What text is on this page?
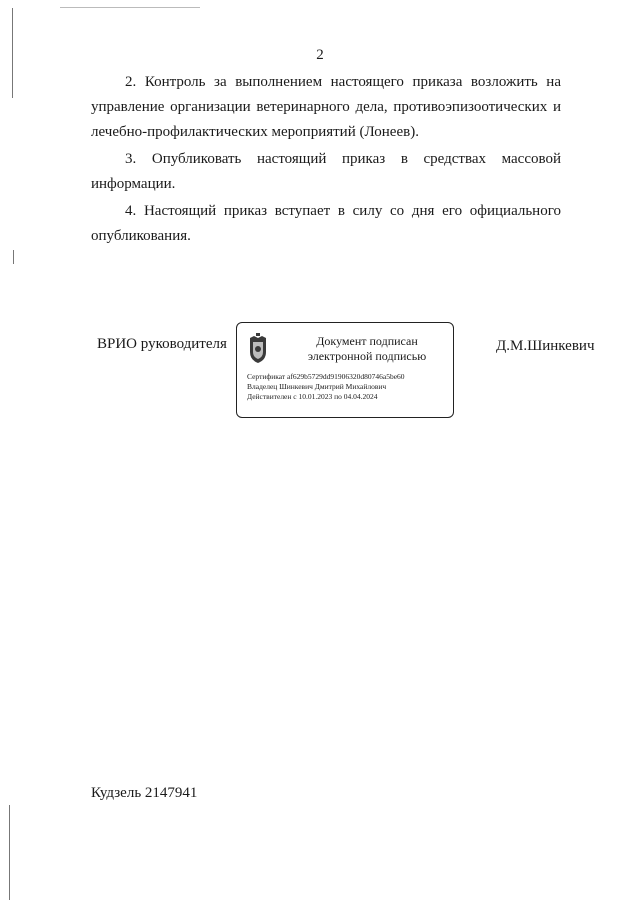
2

2. Контроль за выполнением настоящего приказа возложить на управление организации ветеринарного дела, противоэпизоотических и лечебно-профилактических мероприятий (Лонеев).

3. Опубликовать настоящий приказ в средствах массовой информации.

4. Настоящий приказ вступает в силу со дня его официального опубликования.

ВРИО руководителя	Документ подписан
электронной подписью
Сертификат af629b5729dd91906320d80746a5be60
Владелец Шинкевич Дмитрий Михайлович
Действителен с 10.01.2023 по 04.04.2024
Д.М.Шинкевич
Кудзель 2147941
